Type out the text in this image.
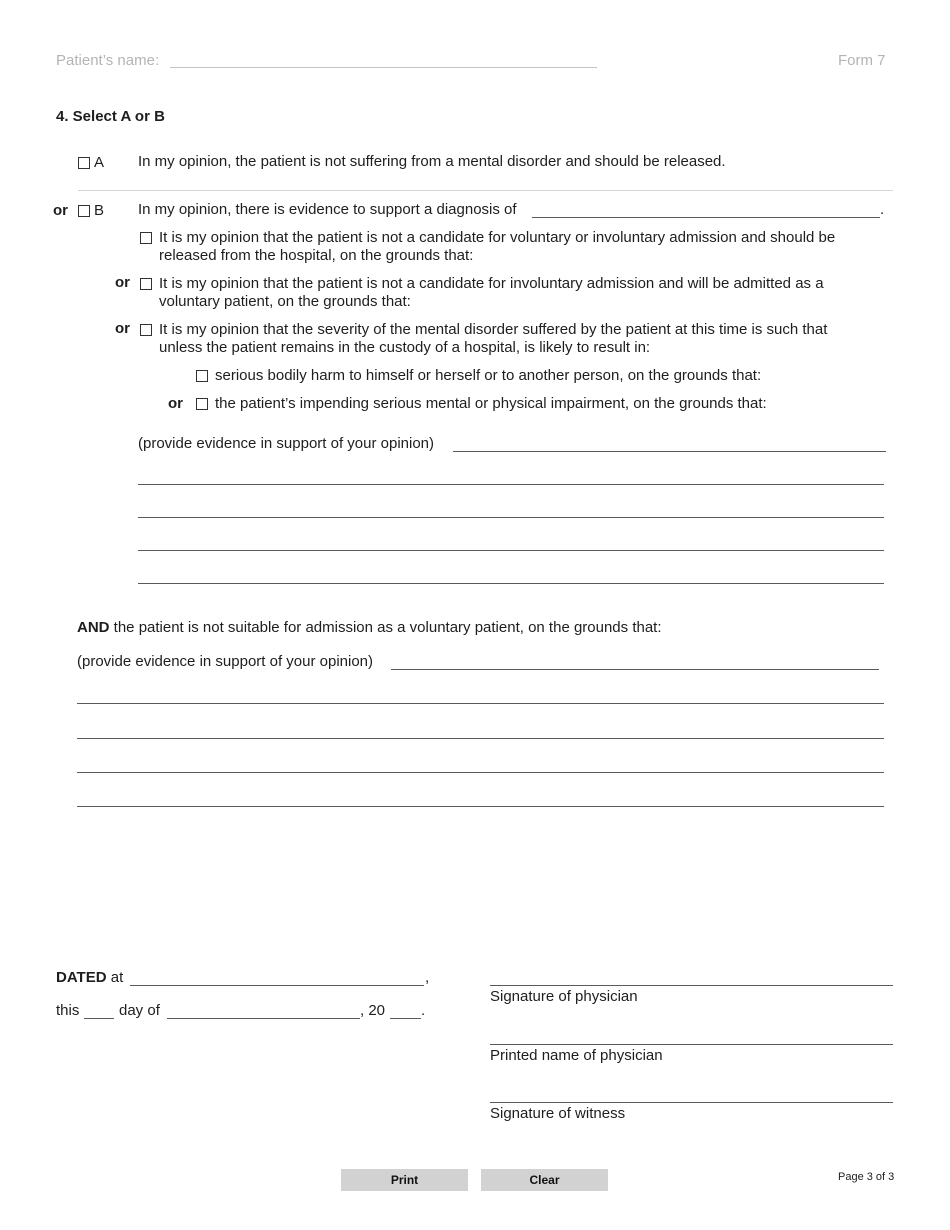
Patient’s name:	Form 7
4. Select A or B
A In my opinion, the patient is not suffering from a mental disorder and should be released.
or B In my opinion, there is evidence to support a diagnosis of	.
It is my opinion that the patient is not a candidate for voluntary or involuntary admission and should be
released from the hospital, on the grounds that:
or It is my opinion that the patient is not a candidate for involuntary admission and will be admitted as a
voluntary patient, on the grounds that:
or It is my opinion that the severity of the mental disorder suffered by the patient at this time is such that
unless the patient remains in the custody of a hospital, is likely to result in:
serious bodily harm to himself or herself or to another person, on the grounds that:
or the patient’s impending serious mental or physical impairment, on the grounds that:
(provide evidence in support of your opinion)
AND the patient is not suitable for admission as a voluntary patient, on the grounds that:
(provide evidence in support of your opinion)
DATED at	,
this	day of	, 20 .
Signature of physician
Printed name of physician
Signature of witness
Print	Clear	Page 3 of 3
